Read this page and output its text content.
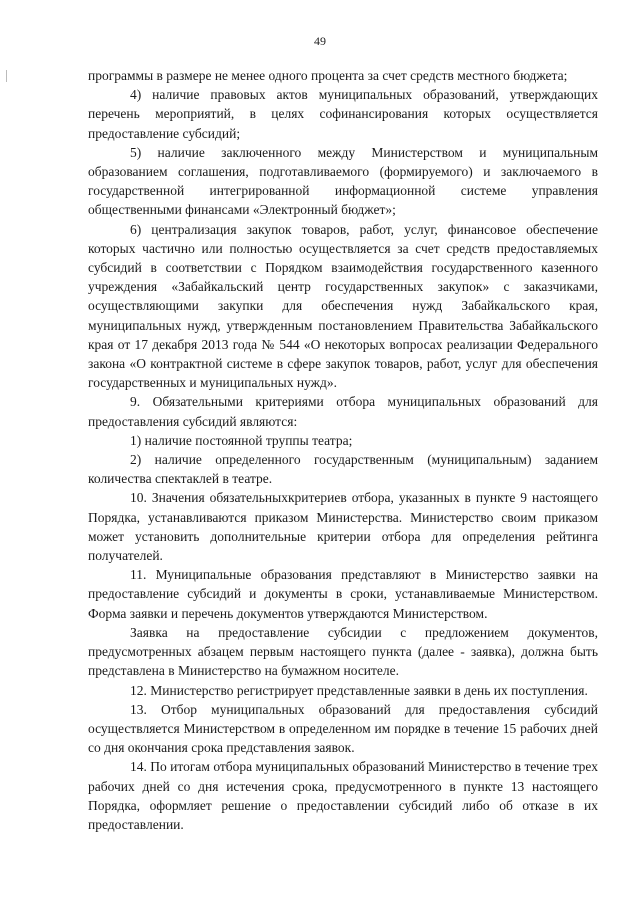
49

программы в размере не менее одного процента за счет средств местного бюджета;

4) наличие правовых актов муниципальных образований, утверждающих перечень мероприятий, в целях софинансирования которых осуществляется предоставление субсидий;

5) наличие заключенного между Министерством и муниципальным образованием соглашения, подготавливаемого (формируемого) и заключаемого в государственной интегрированной информационной системе управления общественными финансами «Электронный бюджет»;

6) централизация закупок товаров, работ, услуг, финансовое обеспечение которых частично или полностью осуществляется за счет средств предоставляемых субсидий в соответствии с Порядком взаимодействия государственного казенного учреждения «Забайкальский центр государственных закупок» с заказчиками, осуществляющими закупки для обеспечения нужд Забайкальского края, муниципальных нужд, утвержденным постановлением Правительства Забайкальского края от 17 декабря 2013 года № 544 «О некоторых вопросах реализации Федерального закона «О контрактной системе в сфере закупок товаров, работ, услуг для обеспечения государственных и муниципальных нужд».

9. Обязательными критериями отбора муниципальных образований для предоставления субсидий являются:

1) наличие постоянной труппы театра;

2) наличие определенного государственным (муниципальным) заданием количества спектаклей в театре.

10. Значения обязательныхкритериев отбора, указанных в пункте 9 настоящего Порядка, устанавливаются приказом Министерства. Министерство своим приказом может установить дополнительные критерии отбора для определения рейтинга получателей.

11. Муниципальные образования представляют в Министерство заявки на предоставление субсидий и документы в сроки, устанавливаемые Министерством. Форма заявки и перечень документов утверждаются Министерством.

Заявка на предоставление субсидии с предложением документов, предусмотренных абзацем первым настоящего пункта (далее - заявка), должна быть представлена в Министерство на бумажном носителе.

12. Министерство регистрирует представленные заявки в день их поступления.

13. Отбор муниципальных образований для предоставления субсидий осуществляется Министерством в определенном им порядке в течение 15 рабочих дней со дня окончания срока представления заявок.

14. По итогам отбора муниципальных образований Министерство в течение трех рабочих дней со дня истечения срока, предусмотренного в пункте 13 настоящего Порядка, оформляет решение о предоставлении субсидий либо об отказе в их предоставлении.
